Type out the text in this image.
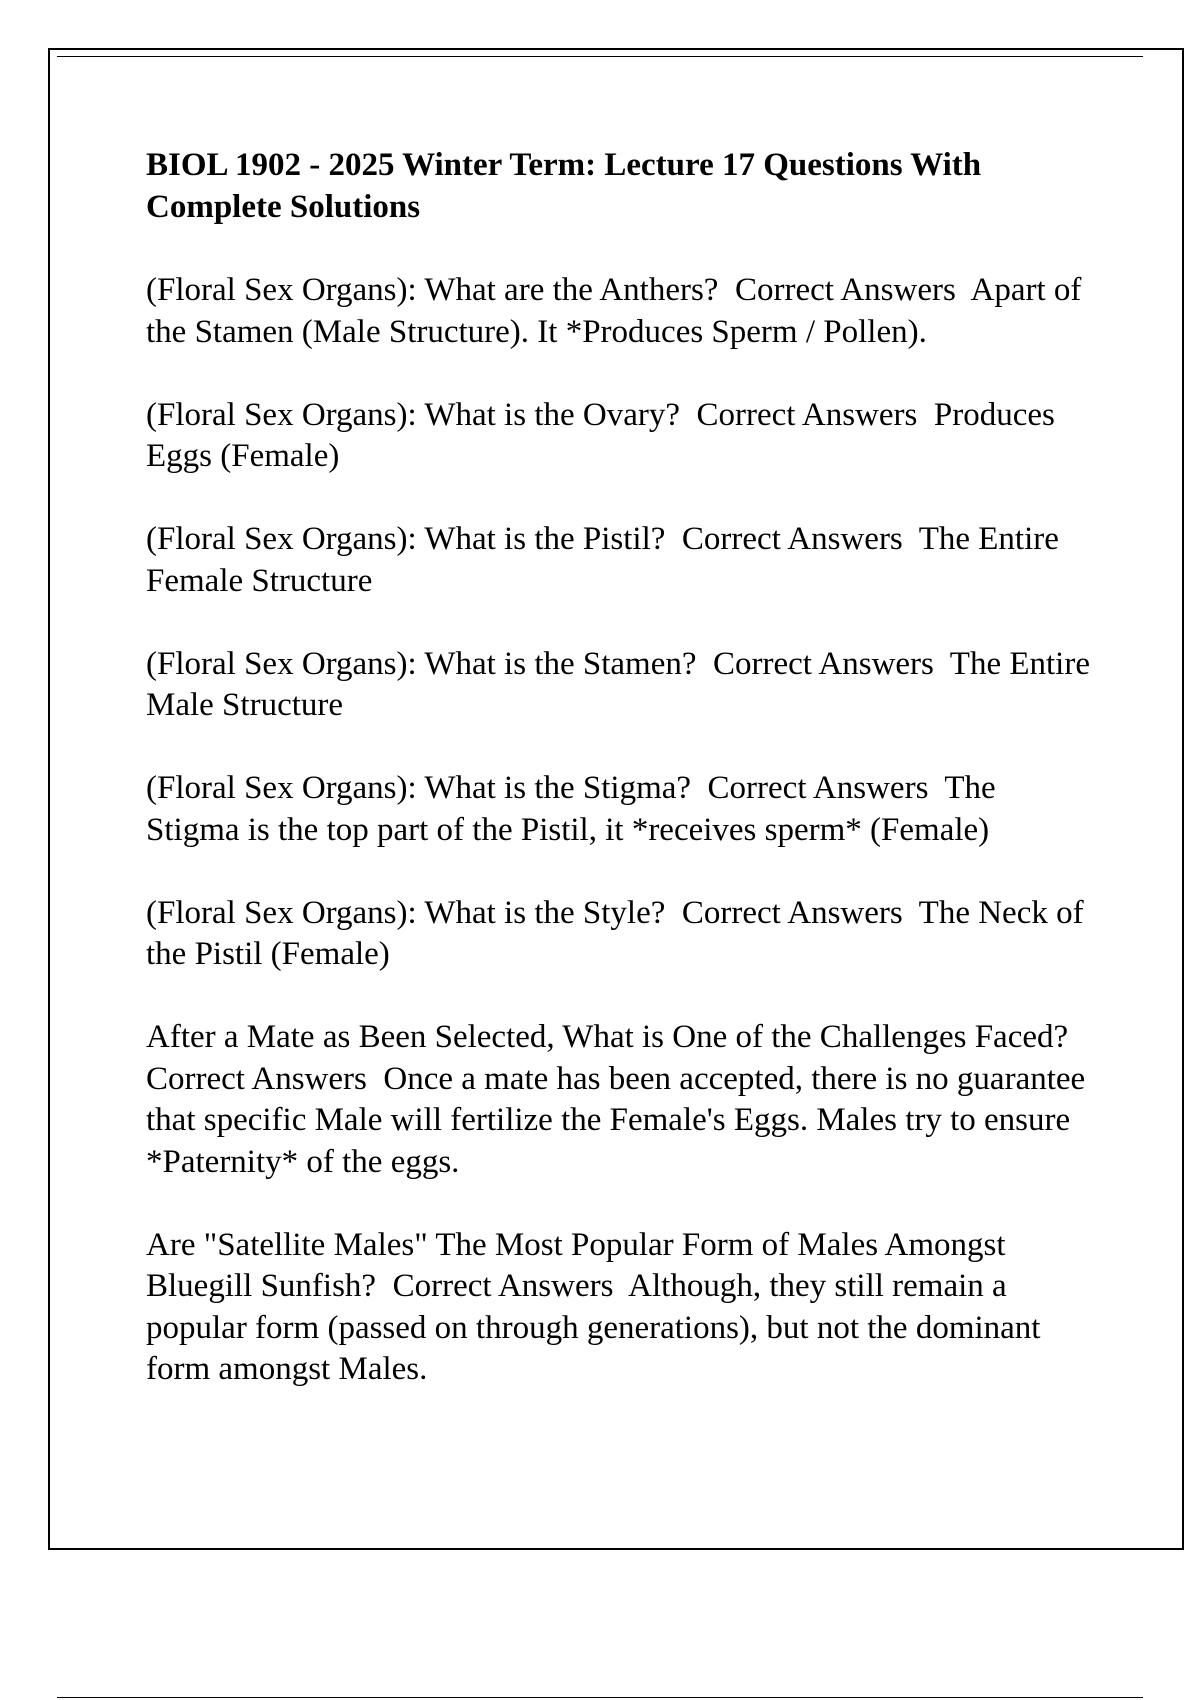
BIOL 1902 - 2025 Winter Term: Lecture 17 Questions With Complete Solutions
(Floral Sex Organs): What are the Anthers? Correct Answers Apart of the Stamen (Male Structure). It *Produces Sperm / Pollen).
(Floral Sex Organs): What is the Ovary? Correct Answers Produces Eggs (Female)
(Floral Sex Organs): What is the Pistil? Correct Answers The Entire Female Structure
(Floral Sex Organs): What is the Stamen? Correct Answers The Entire Male Structure
(Floral Sex Organs): What is the Stigma? Correct Answers The Stigma is the top part of the Pistil, it *receives sperm* (Female)
(Floral Sex Organs): What is the Style? Correct Answers The Neck of the Pistil (Female)
After a Mate as Been Selected, What is One of the Challenges Faced?  Correct Answers Once a mate has been accepted, there is no guarantee that specific Male will fertilize the Female's Eggs. Males try to ensure *Paternity* of the eggs.
Are "Satellite Males" The Most Popular Form of Males Amongst Bluegill Sunfish? Correct Answers Although, they still remain a popular form (passed on through generations), but not the dominant form amongst Males.
